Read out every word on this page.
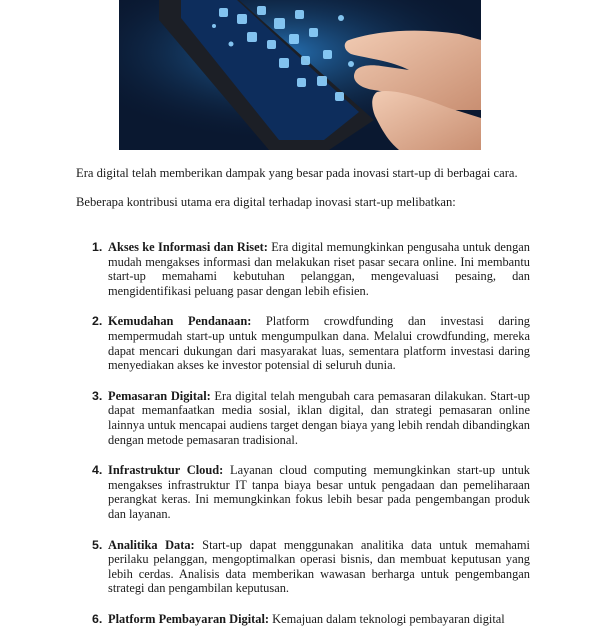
Era digital telah memberikan dampak yang besar pada inovasi start-up di berbagai cara.

Beberapa kontribusi utama era digital terhadap inovasi start-up melibatkan:

1. Akses ke Informasi dan Riset: Era digital memungkinkan pengusaha untuk dengan mudah mengakses informasi dan melakukan riset pasar secara online. Ini membantu start-up memahami kebutuhan pelanggan, mengevaluasi pesaing, dan mengidentifikasi peluang pasar dengan lebih efisien.
2. Kemudahan Pendanaan: Platform crowdfunding dan investasi daring mempermudah start-up untuk mengumpulkan dana. Melalui crowdfunding, mereka dapat mencari dukungan dari masyarakat luas, sementara platform investasi daring menyediakan akses ke investor potensial di seluruh dunia.
3. Pemasaran Digital: Era digital telah mengubah cara pemasaran dilakukan. Start-up dapat memanfaatkan media sosial, iklan digital, dan strategi pemasaran online lainnya untuk mencapai audiens target dengan biaya yang lebih rendah dibandingkan dengan metode pemasaran tradisional.
4. Infrastruktur Cloud: Layanan cloud computing memungkinkan start-up untuk mengakses infrastruktur IT tanpa biaya besar untuk pengadaan dan pemeliharaan perangkat keras. Ini memungkinkan fokus lebih besar pada pengembangan produk dan layanan.
5. Analitika Data: Start-up dapat menggunakan analitika data untuk memahami perilaku pelanggan, mengoptimalkan operasi bisnis, dan membuat keputusan yang lebih cerdas. Analisis data memberikan wawasan berharga untuk pengembangan strategi dan pengambilan keputusan.
6. Platform Pembayaran Digital: Kemajuan dalam teknologi pembayaran digital
